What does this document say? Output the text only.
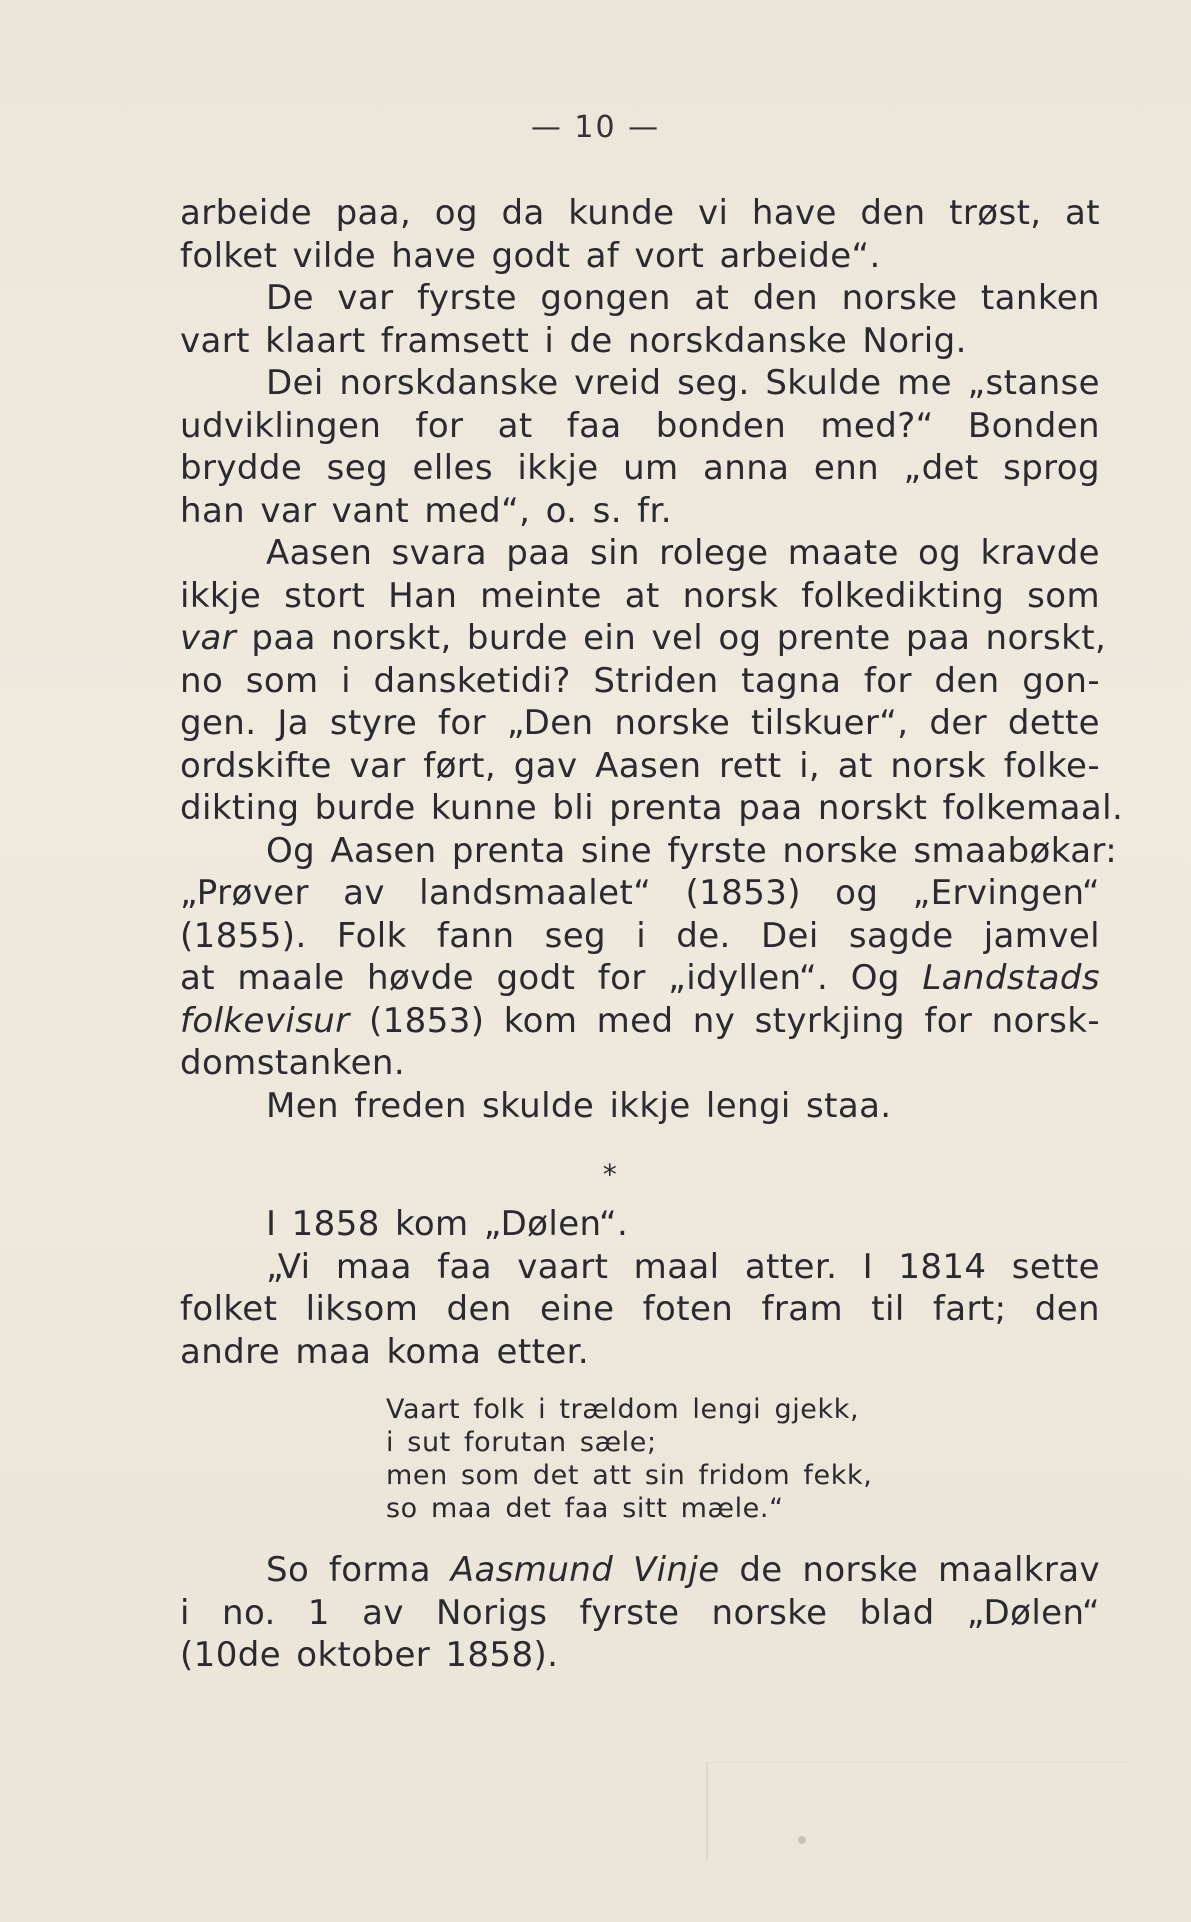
— 10 —
arbeide paa, og da kunde vi have den trøst, at
folket vilde have godt af vort arbeide“.
De var fyrste gongen at den norske tanken
vart klaart framsett i de norskdanske Norig.
Dei norskdanske vreid seg. Skulde me „stanse
udviklingen for at faa bonden med?“ Bonden
brydde seg elles ikkje um anna enn „det sprog
han var vant med“, o. s. fr.
Aasen svara paa sin rolege maate og kravde
ikkje stort Han meinte at norsk folkedikting som
var paa norskt, burde ein vel og prente paa norskt,
no som i dansketidi? Striden tagna for den gon-
gen. Ja styre for „Den norske tilskuer“, der dette
ordskifte var ført, gav Aasen rett i, at norsk folke-
dikting burde kunne bli prenta paa norskt folkemaal.
Og Aasen prenta sine fyrste norske smaabøkar:
„Prøver av landsmaalet“ (1853) og „Ervingen“
(1855). Folk fann seg i de. Dei sagde jamvel
at maale høvde godt for „idyllen“. Og Landstads
folkevisur (1853) kom med ny styrkjing for norsk-
domstanken.
Men freden skulde ikkje lengi staa.
*
I 1858 kom „Dølen“.
„Vi maa faa vaart maal atter. I 1814 sette
folket liksom den eine foten fram til fart; den
andre maa koma etter.
Vaart folk i trældom lengi gjekk,
i sut forutan sæle;
men som det att sin fridom fekk,
so maa det faa sitt mæle.“
So forma Aasmund Vinje de norske maalkrav
i no. 1 av Norigs fyrste norske blad „Dølen“
(10de oktober 1858).
